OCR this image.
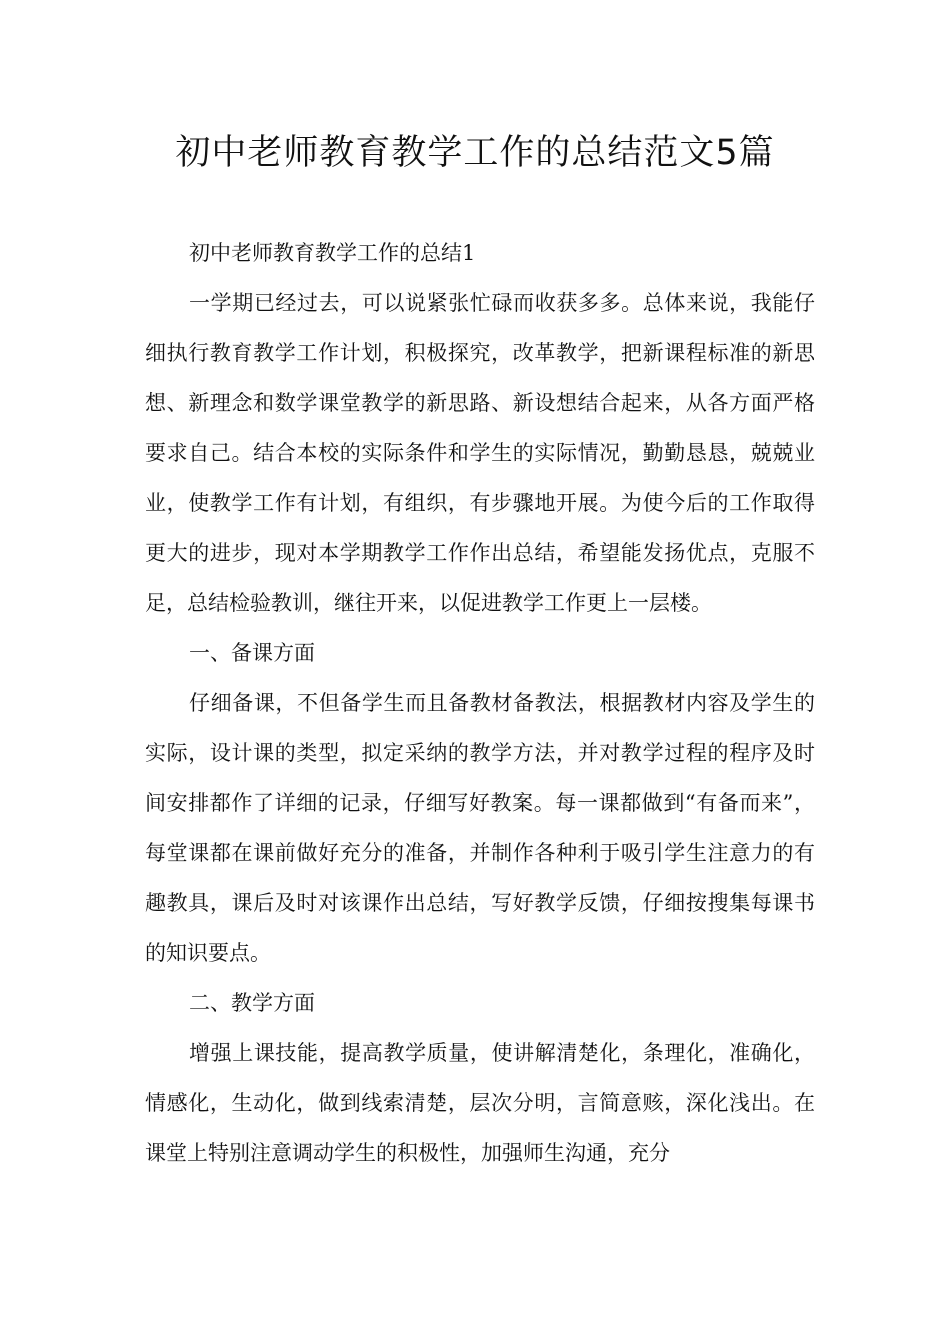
初中老师教育教学工作的总结范文5篇

初中老师教育教学工作的总结1

一学期已经过去，可以说紧张忙碌而收获多多。总体来说，我能仔细执行教育教学工作计划，积极探究，改革教学，把新课程标准的新思想、新理念和数学课堂教学的新思路、新设想结合起来，从各方面严格要求自己。结合本校的实际条件和学生的实际情况，勤勤恳恳，兢兢业业，使教学工作有计划，有组织，有步骤地开展。为使今后的工作取得更大的进步，现对本学期教学工作作出总结，希望能发扬优点，克服不足，总结检验教训，继往开来，以促进教学工作更上一层楼。

一、备课方面

仔细备课，不但备学生而且备教材备教法，根据教材内容及学生的实际，设计课的类型，拟定采纳的教学方法，并对教学过程的程序及时间安排都作了详细的记录，仔细写好教案。每一课都做到“有备而来”，每堂课都在课前做好充分的准备，并制作各种利于吸引学生注意力的有趣教具，课后及时对该课作出总结，写好教学反馈，仔细按搜集每课书的知识要点。

二、教学方面

增强上课技能，提高教学质量，使讲解清楚化，条理化，准确化，情感化，生动化，做到线索清楚，层次分明，言简意赅，深化浅出。在课堂上特别注意调动学生的积极性，加强师生沟通，充分
